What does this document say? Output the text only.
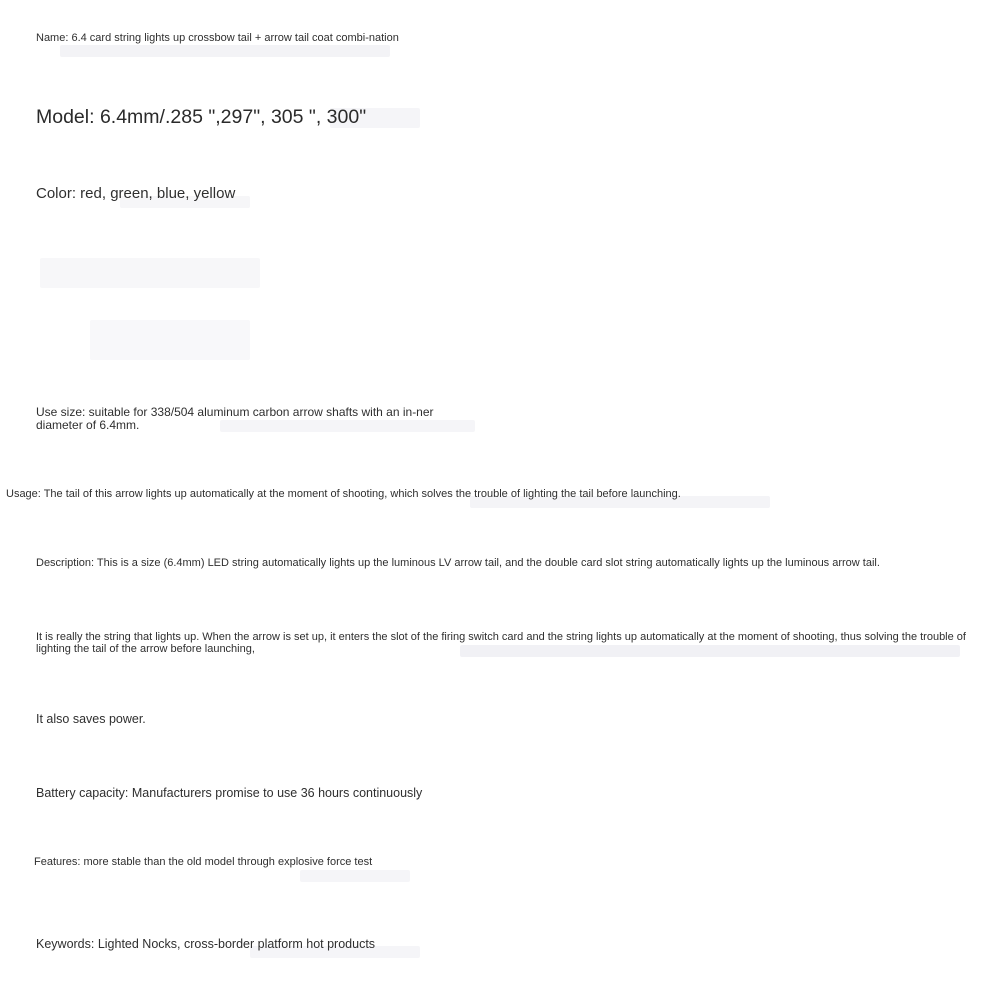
Name: 6.4 card string lights up crossbow tail + arrow tail coat combi-nation

Model: 6.4mm/.285 ",297", 305 ", 300"

Color: red, green, blue, yellow

Use size: suitable for 338/504 aluminum carbon arrow shafts with an in-ner diameter of 6.4mm.

Usage: The tail of this arrow lights up automatically at the moment of shooting, which solves the trouble of lighting the tail before launching.

Description: This is a size (6.4mm) LED string automatically lights up the luminous LV arrow tail, and the double card slot string automatically lights up the luminous arrow tail.

It is really the string that lights up. When the arrow is set up, it enters the slot of the firing switch card and the string lights up automatically at the moment of shooting, thus solving the trouble of lighting the tail of the arrow before launching,

It also saves power.

Battery capacity: Manufacturers promise to use 36 hours continuously

Features: more stable than the old model through explosive force test

Keywords: Lighted Nocks, cross-border platform hot products
